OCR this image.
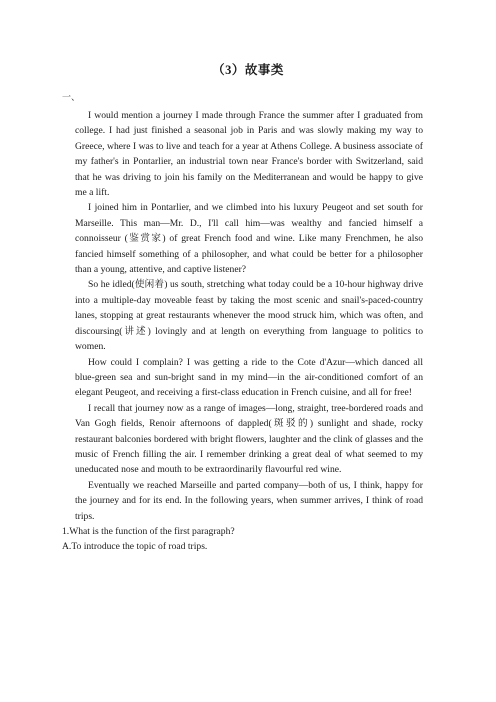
（3）故事类
一、

I would mention a journey I made through France the summer after I graduated from college. I had just finished a seasonal job in Paris and was slowly making my way to Greece, where I was to live and teach for a year at Athens College. A business associate of my father's in Pontarlier, an industrial town near France's border with Switzerland, said that he was driving to join his family on the Mediterranean and would be happy to give me a lift.

I joined him in Pontarlier, and we climbed into his luxury Peugeot and set south for Marseille. This man—Mr. D., I'll call him—was wealthy and fancied himself a connoisseur (鉴赏家) of great French food and wine. Like many Frenchmen, he also fancied himself something of a philosopher, and what could be better for a philosopher than a young, attentive, and captive listener?

So he idled(使闲着) us south, stretching what today could be a 10-hour highway drive into a multiple-day moveable feast by taking the most scenic and snail's-paced-country lanes, stopping at great restaurants whenever the mood struck him, which was often, and discoursing(讲述) lovingly and at length on everything from language to politics to women.

How could I complain? I was getting a ride to the Cote d'Azur—which danced all blue-green sea and sun-bright sand in my mind—in the air-conditioned comfort of an elegant Peugeot, and receiving a first-class education in French cuisine, and all for free!

I recall that journey now as a range of images—long, straight, tree-bordered roads and Van Gogh fields, Renoir afternoons of dappled(斑驳的) sunlight and shade, rocky restaurant balconies bordered with bright flowers, laughter and the clink of glasses and the music of French filling the air. I remember drinking a great deal of what seemed to my uneducated nose and mouth to be extraordinarily flavourful red wine.

Eventually we reached Marseille and parted company—both of us, I think, happy for the journey and for its end. In the following years, when summer arrives, I think of road trips.

1.What is the function of the first paragraph?

A.To introduce the topic of road trips.
